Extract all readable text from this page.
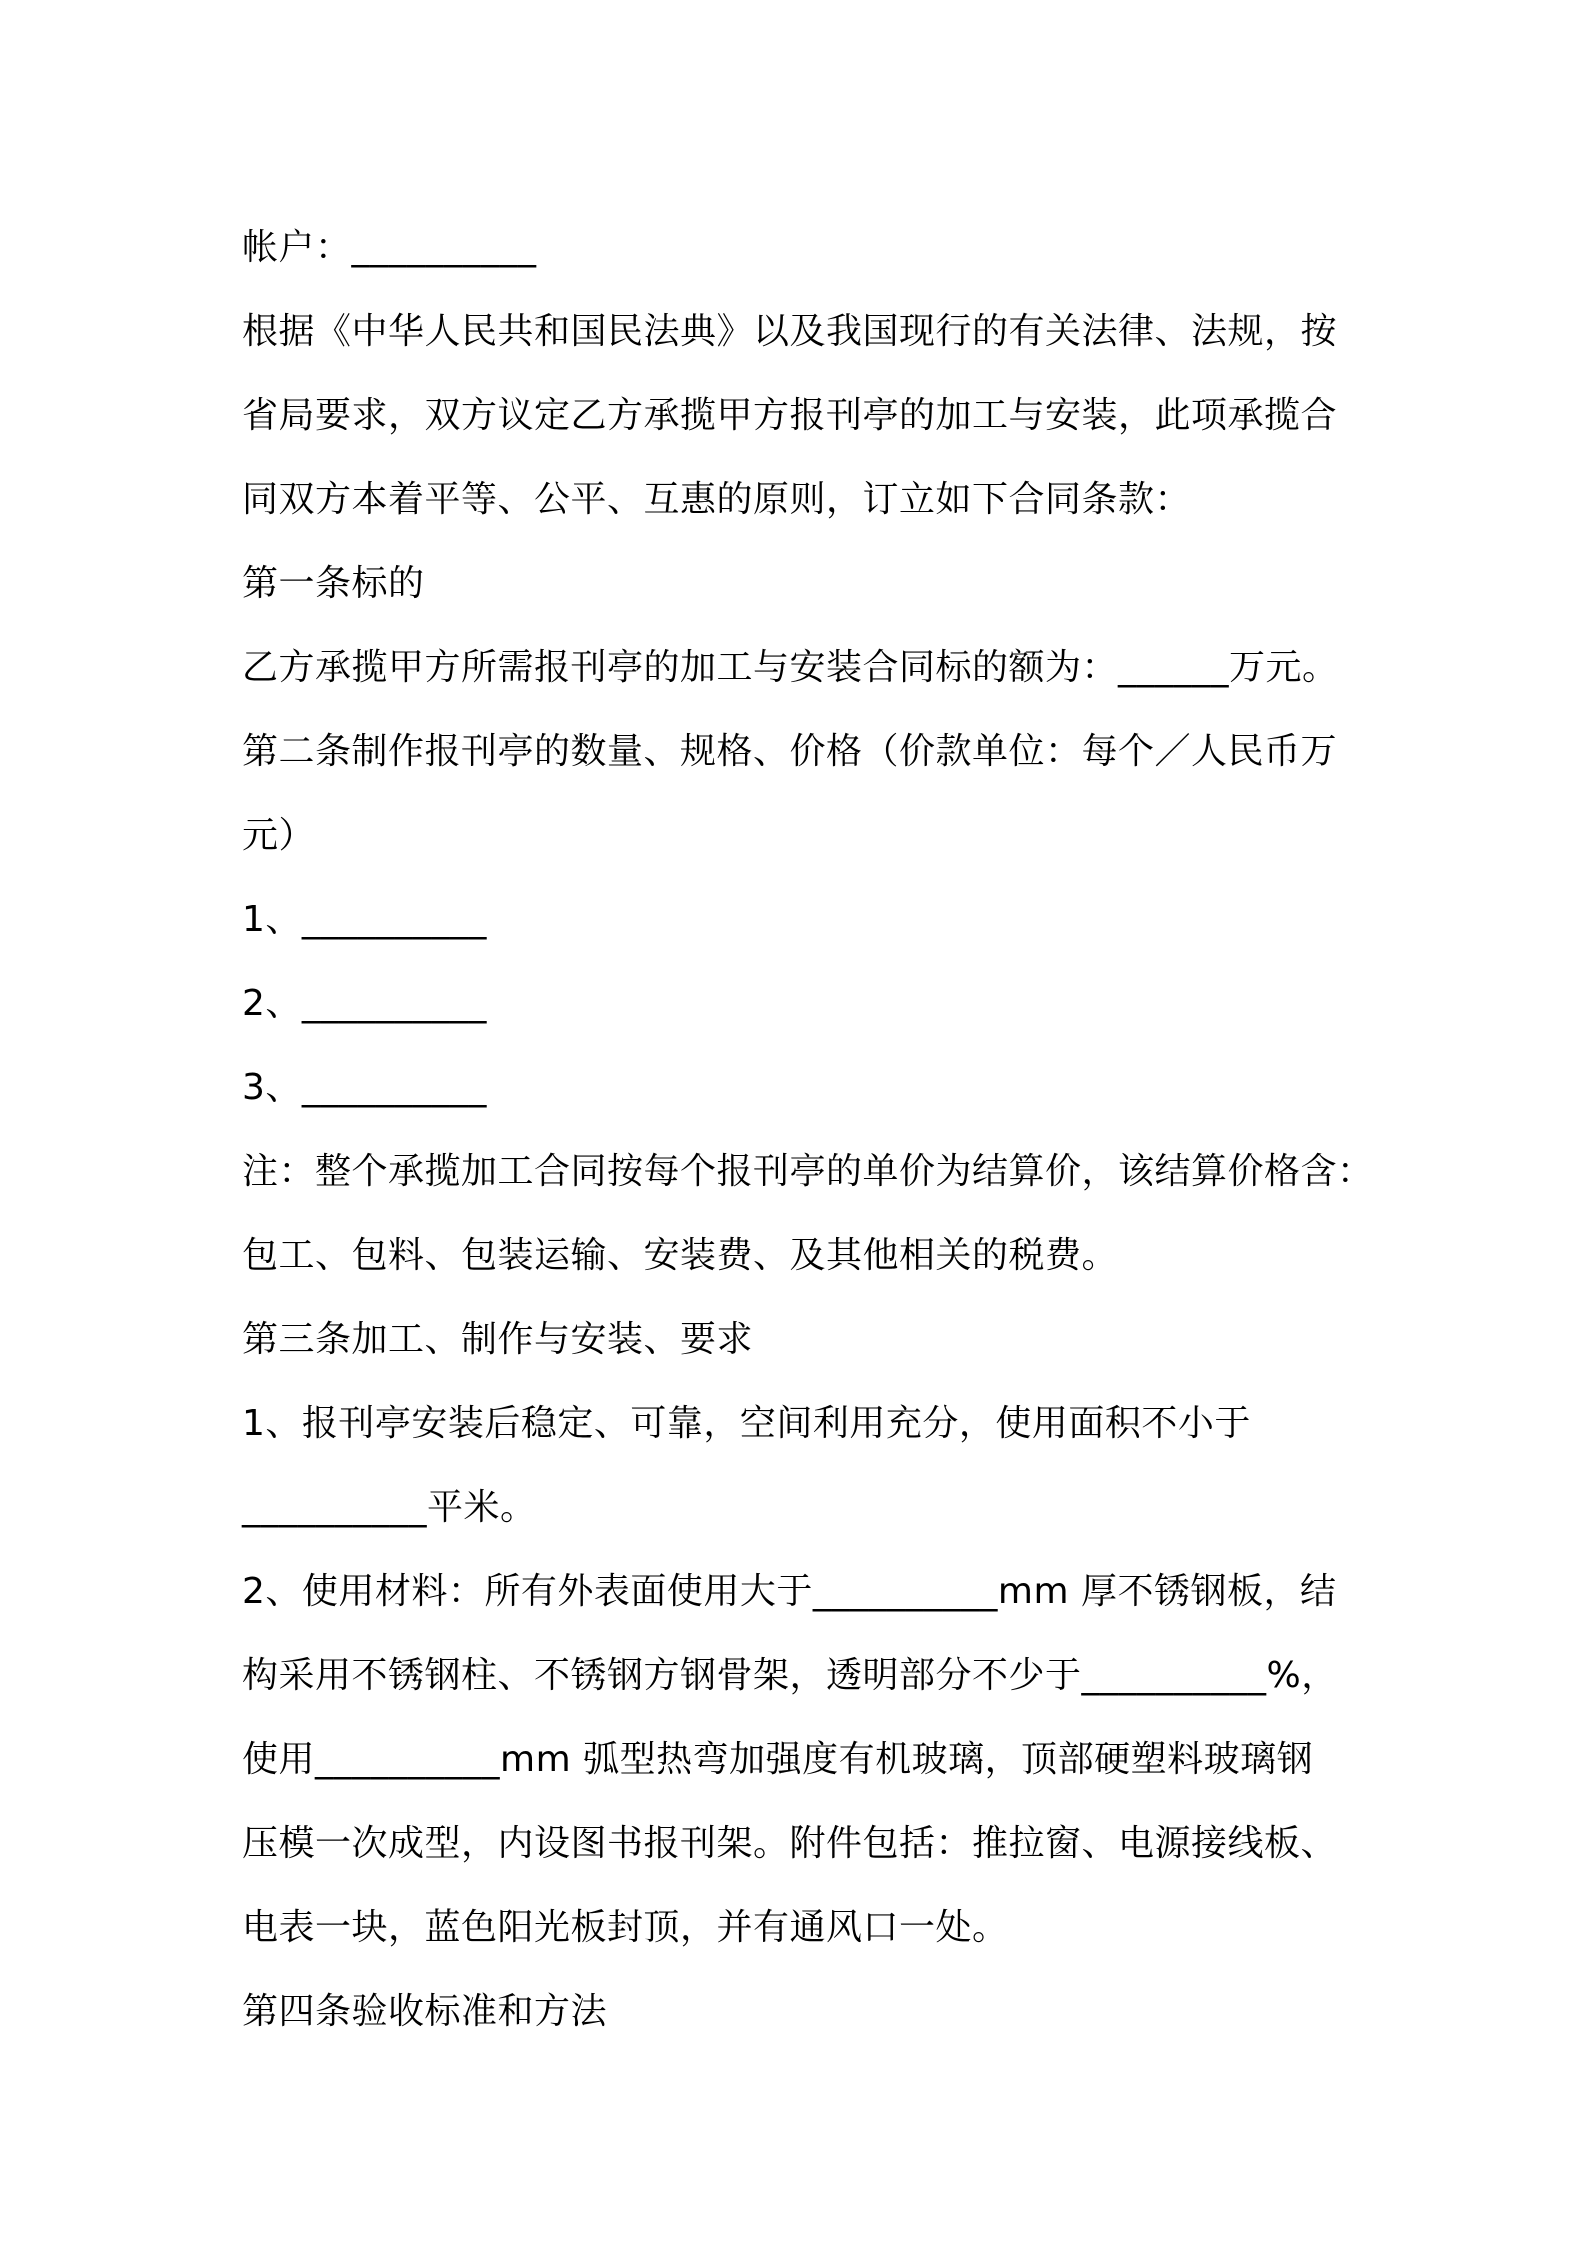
帐户：__________
根据《中华人民共和国民法典》以及我国现行的有关法律、法规，按
省局要求，双方议定乙方承揽甲方报刊亭的加工与安装，此项承揽合
同双方本着平等、公平、互惠的原则，订立如下合同条款：
第一条标的
乙方承揽甲方所需报刊亭的加工与安装合同标的额为：______万元。
第二条制作报刊亭的数量、规格、价格（价款单位：每个／人民币万
元）
1、__________
2、__________
3、__________
注：整个承揽加工合同按每个报刊亭的单价为结算价，该结算价格含：
包工、包料、包装运输、安装费、及其他相关的税费。
第三条加工、制作与安装、要求
1、报刊亭安装后稳定、可靠，空间利用充分，使用面积不小于
__________平米。
2、使用材料：所有外表面使用大于__________mm 厚不锈钢板，结
构采用不锈钢柱、不锈钢方钢骨架，透明部分不少于__________%，
使用__________mm 弧型热弯加强度有机玻璃，顶部硬塑料玻璃钢
压模一次成型，内设图书报刊架。附件包括：推拉窗、电源接线板、
电表一块，蓝色阳光板封顶，并有通风口一处。
第四条验收标准和方法
